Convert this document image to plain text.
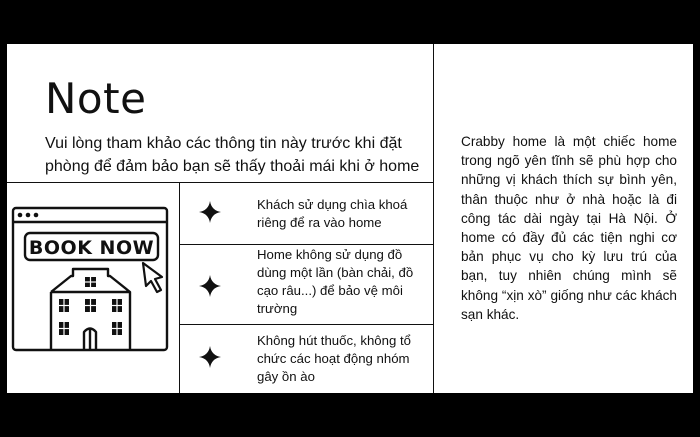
Note
Vui lòng tham khảo các thông tin này trước khi đặt phòng để đảm bảo bạn sẽ thấy thoải mái khi ở home
BOOK NOW
Khách sử dụng chìa khoá riêng để ra vào home
Home không sử dụng đồ dùng một lần (bàn chải, đồ cạo râu...) để bảo vệ môi trường
Không hút thuốc, không tổ chức các hoạt động nhóm gây ồn ào
Crabby home là một chiếc home trong ngõ yên tĩnh sẽ phù hợp cho những vị khách thích sự bình yên, thân thuộc như ở nhà hoặc là đi công tác dài ngày tại Hà Nội. Ở home có đầy đủ các tiện nghi cơ bản phục vụ cho kỳ lưu trú của bạn, tuy nhiên chúng mình sẽ không “xịn xò” giống như các khách sạn khác.
